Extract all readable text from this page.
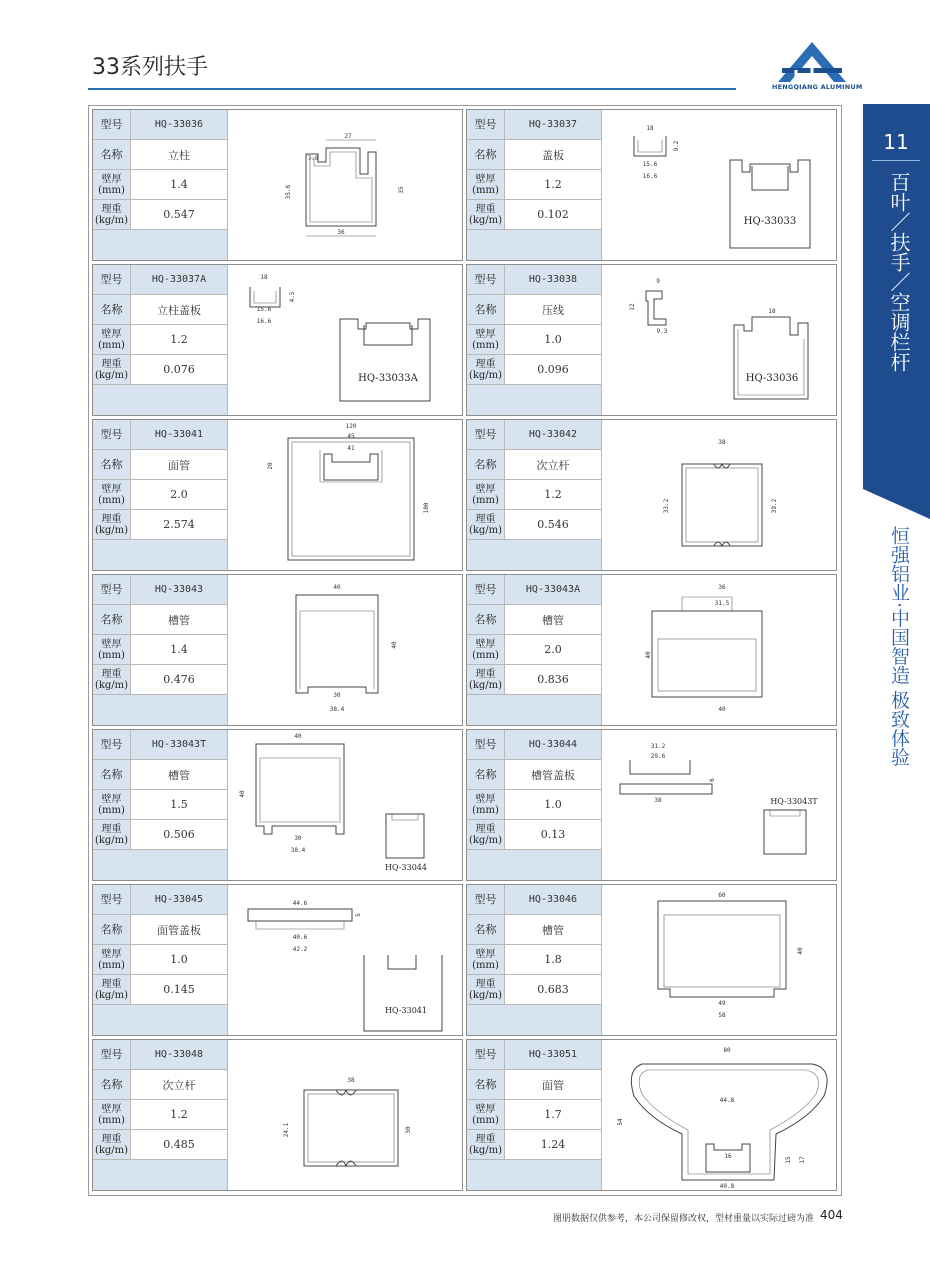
33系列扶手
HENGQIANG ALUMINUM
11
百叶／扶手／空调栏杆
恒强铝业·中国智造 极致体验
型号	HQ-33036
名称	立柱
壁厚
(mm)	1.4
理重
(kg/m)	0.547
27
7.8
35.6	35
36
型号	HQ-33037
名称	盖板
壁厚
(mm)	1.2
理重
(kg/m)	0.102
18
9.2
15.6
16.6
HQ-33033
型号	HQ-33037A
名称	立柱盖板
壁厚
(mm)	1.2
理重
(kg/m)	0.076
18
15.6
4.5
16.6
HQ-33033A
型号	HQ-33038
名称	压线
壁厚
(mm)	1.0
理重
(kg/m)	0.096
9
12
9.3
18
HQ-33036
型号	HQ-33041
名称	面管
壁厚
(mm)	2.0
理重
(kg/m)	2.574
120
45
41
20
100
型号	HQ-33042
名称	次立杆
壁厚
(mm)	1.2
理重
(kg/m)	0.546
38
33.2	39.2
型号	HQ-33043
名称	槽管
壁厚
(mm)	1.4
理重
(kg/m)	0.476
40
40
30
38.4
型号	HQ-33043A
名称	槽管
壁厚
(mm)	2.0
理重
(kg/m)	0.836
36
31.5
40
40
型号	HQ-33043T
名称	槽管
壁厚
(mm)	1.5
理重
(kg/m)	0.506
40
40
30
38.4
HQ-33044
型号	HQ-33044
名称	槽管盖板
壁厚
(mm)	1.0
理重
(kg/m)	0.13
31.2
29.6
6
38	HQ-33043T
型号	HQ-33045
名称	面管盖板
壁厚
(mm)	1.0
理重
(kg/m)	0.145
44.6
5
40.6
42.2
HQ-33041
型号	HQ-33046
名称	槽管
壁厚
(mm)	1.8
理重
(kg/m)	0.683
60
40
49
58
型号	HQ-33048
名称	次立杆
壁厚
(mm)	1.2
理重
(kg/m)	0.485
38
24.1	30
型号	HQ-33051
名称	面管
壁厚
(mm)	1.7
理重
(kg/m)	1.24
80
54
44.8
16	15 17
40.8
图册数据仅供参考，本公司保留修改权，型材重量以实际过磅为准 404
